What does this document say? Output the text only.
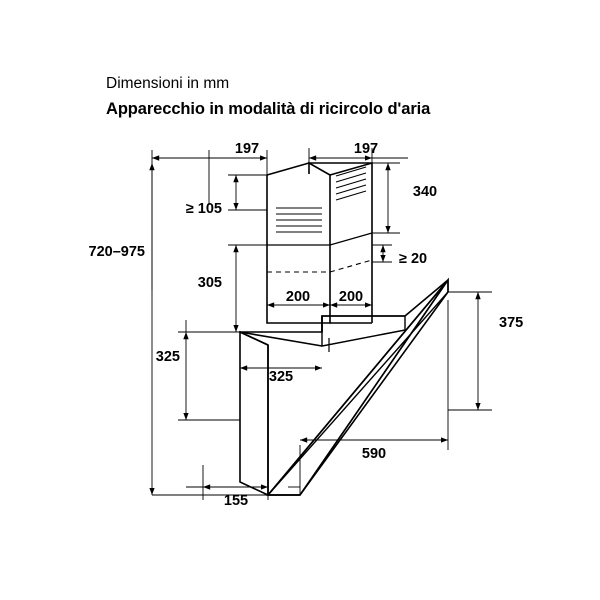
Dimensioni in mm

Apparecchio in modalità di ricircolo d'aria

197	197
340
≥ 105
≥ 20
720–975
305
200 200
325
325
375
590
155
